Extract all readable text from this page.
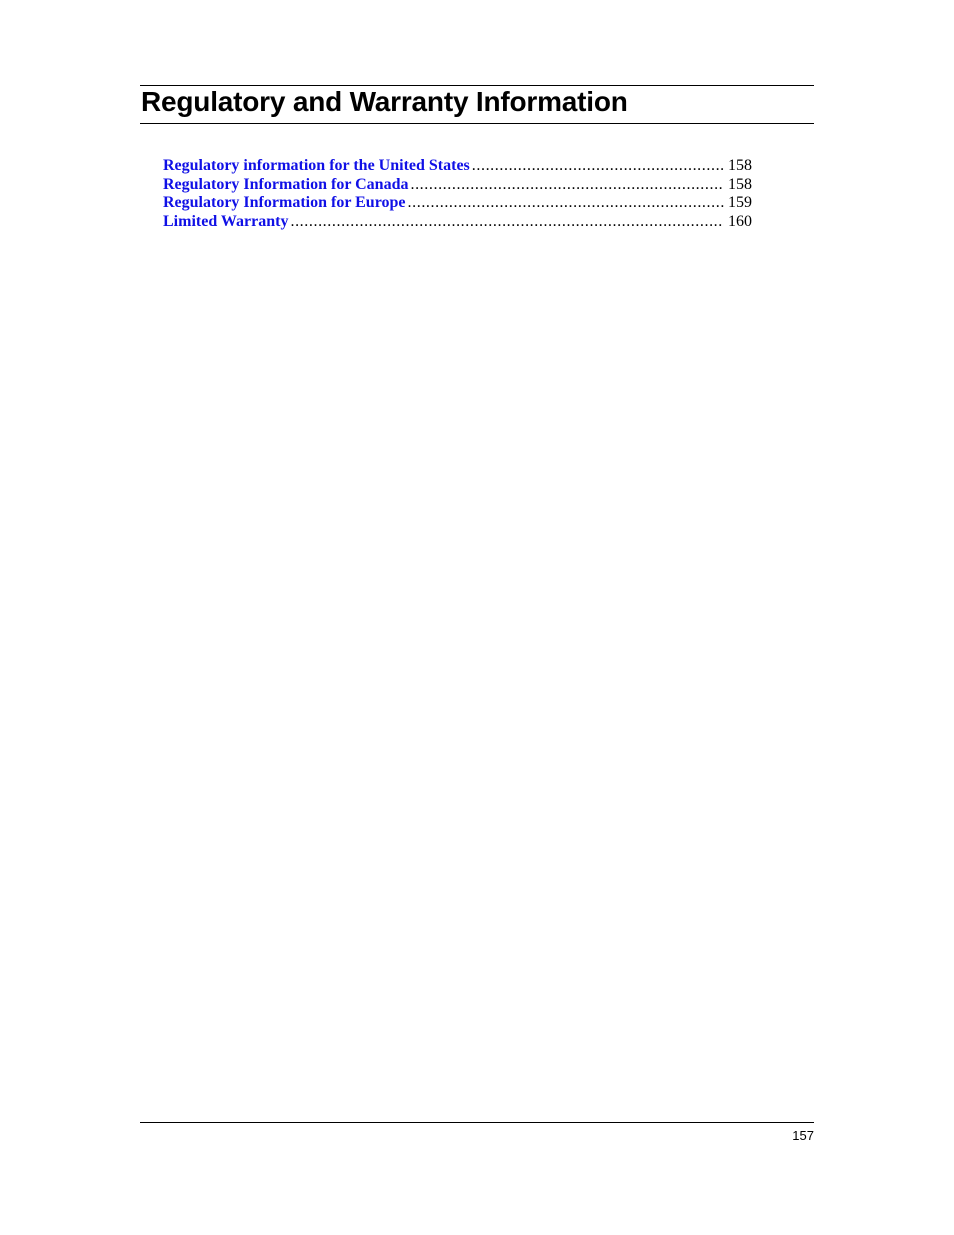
Regulatory and Warranty Information
Regulatory information for the United States .....	158
Regulatory Information for Canada .....	158
Regulatory Information for Europe .....	159
Limited Warranty .....	160
157
